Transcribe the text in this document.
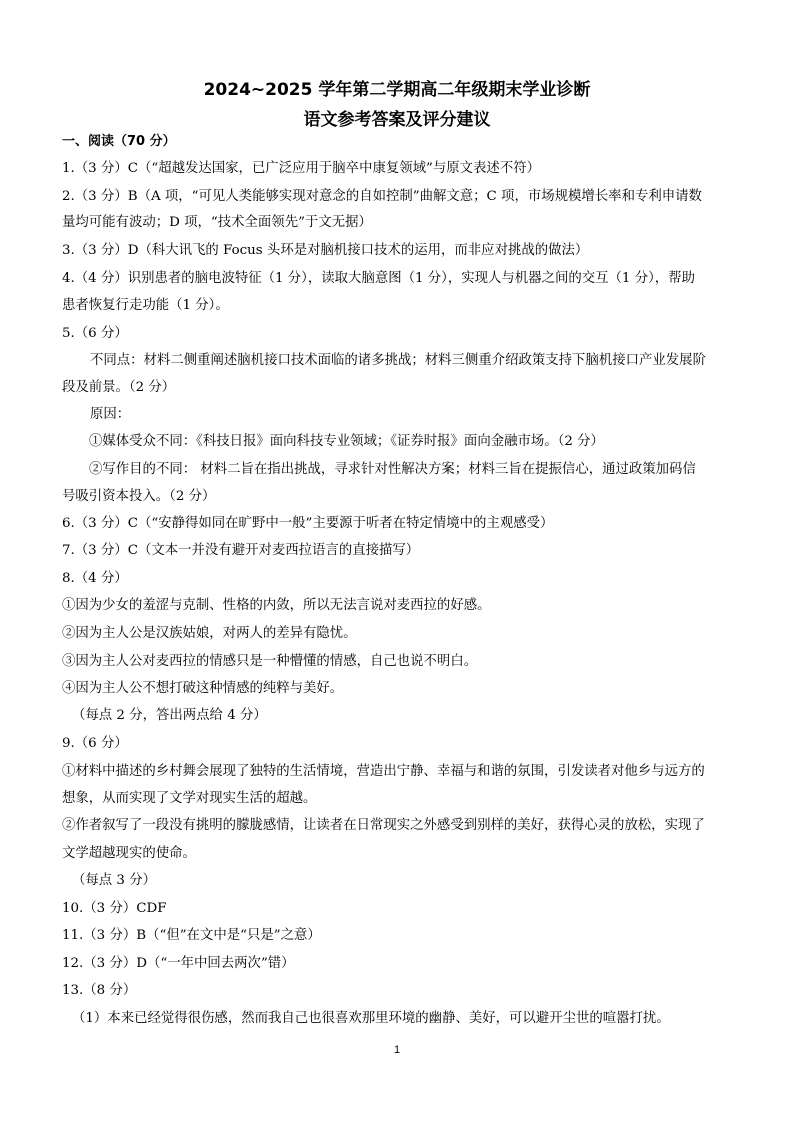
2024~2025 学年第二学期高二年级期末学业诊断
语文参考答案及评分建议
一、阅读（70 分）
1.（3 分）C（“超越发达国家，已广泛应用于脑卒中康复领域”与原文表述不符）
2.（3 分）B（A 项，“可见人类能够实现对意念的自如控制”曲解文意；C 项，市场规模增长率和专利申请数
量均可能有波动；D 项，“技术全面领先”于文无据）
3.（3 分）D（科大讯飞的 Focus 头环是对脑机接口技术的运用，而非应对挑战的做法）
4.（4 分）识别患者的脑电波特征（1 分），读取大脑意图（1 分），实现人与机器之间的交互（1 分），帮助
患者恢复行走功能（1 分）。
5.（6 分）
不同点：材料二侧重阐述脑机接口技术面临的诸多挑战；材料三侧重介绍政策支持下脑机接口产业发展阶
段及前景。（2 分）
原因：
①媒体受众不同：《科技日报》面向科技专业领域；《证券时报》面向金融市场。（2 分）
②写作目的不同： 材料二旨在指出挑战，寻求针对性解决方案；材料三旨在提振信心，通过政策加码信
号吸引资本投入。（2 分）
6.（3 分）C（“安静得如同在旷野中一般”主要源于听者在特定情境中的主观感受）
7.（3 分）C（文本一并没有避开对麦西拉语言的直接描写）
8.（4 分）
①因为少女的羞涩与克制、性格的内敛，所以无法言说对麦西拉的好感。
②因为主人公是汉族姑娘，对两人的差异有隐忧。
③因为主人公对麦西拉的情感只是一种懵懂的情感，自己也说不明白。
④因为主人公不想打破这种情感的纯粹与美好。
（每点 2 分，答出两点给 4 分）
9.（6 分）
①材料中描述的乡村舞会展现了独特的生活情境，营造出宁静、幸福与和谐的氛围，引发读者对他乡与远方的
想象，从而实现了文学对现实生活的超越。
②作者叙写了一段没有挑明的朦胧感情，让读者在日常现实之外感受到别样的美好，获得心灵的放松，实现了
文学超越现实的使命。
（每点 3 分）
10.（3 分）CDF
11.（3 分）B（“但”在文中是“只是”之意）
12.（3 分）D（“一年中回去两次”错）
13.（8 分）
（1）本来已经觉得很伤感，然而我自己也很喜欢那里环境的幽静、美好，可以避开尘世的喧嚣打扰。
1
